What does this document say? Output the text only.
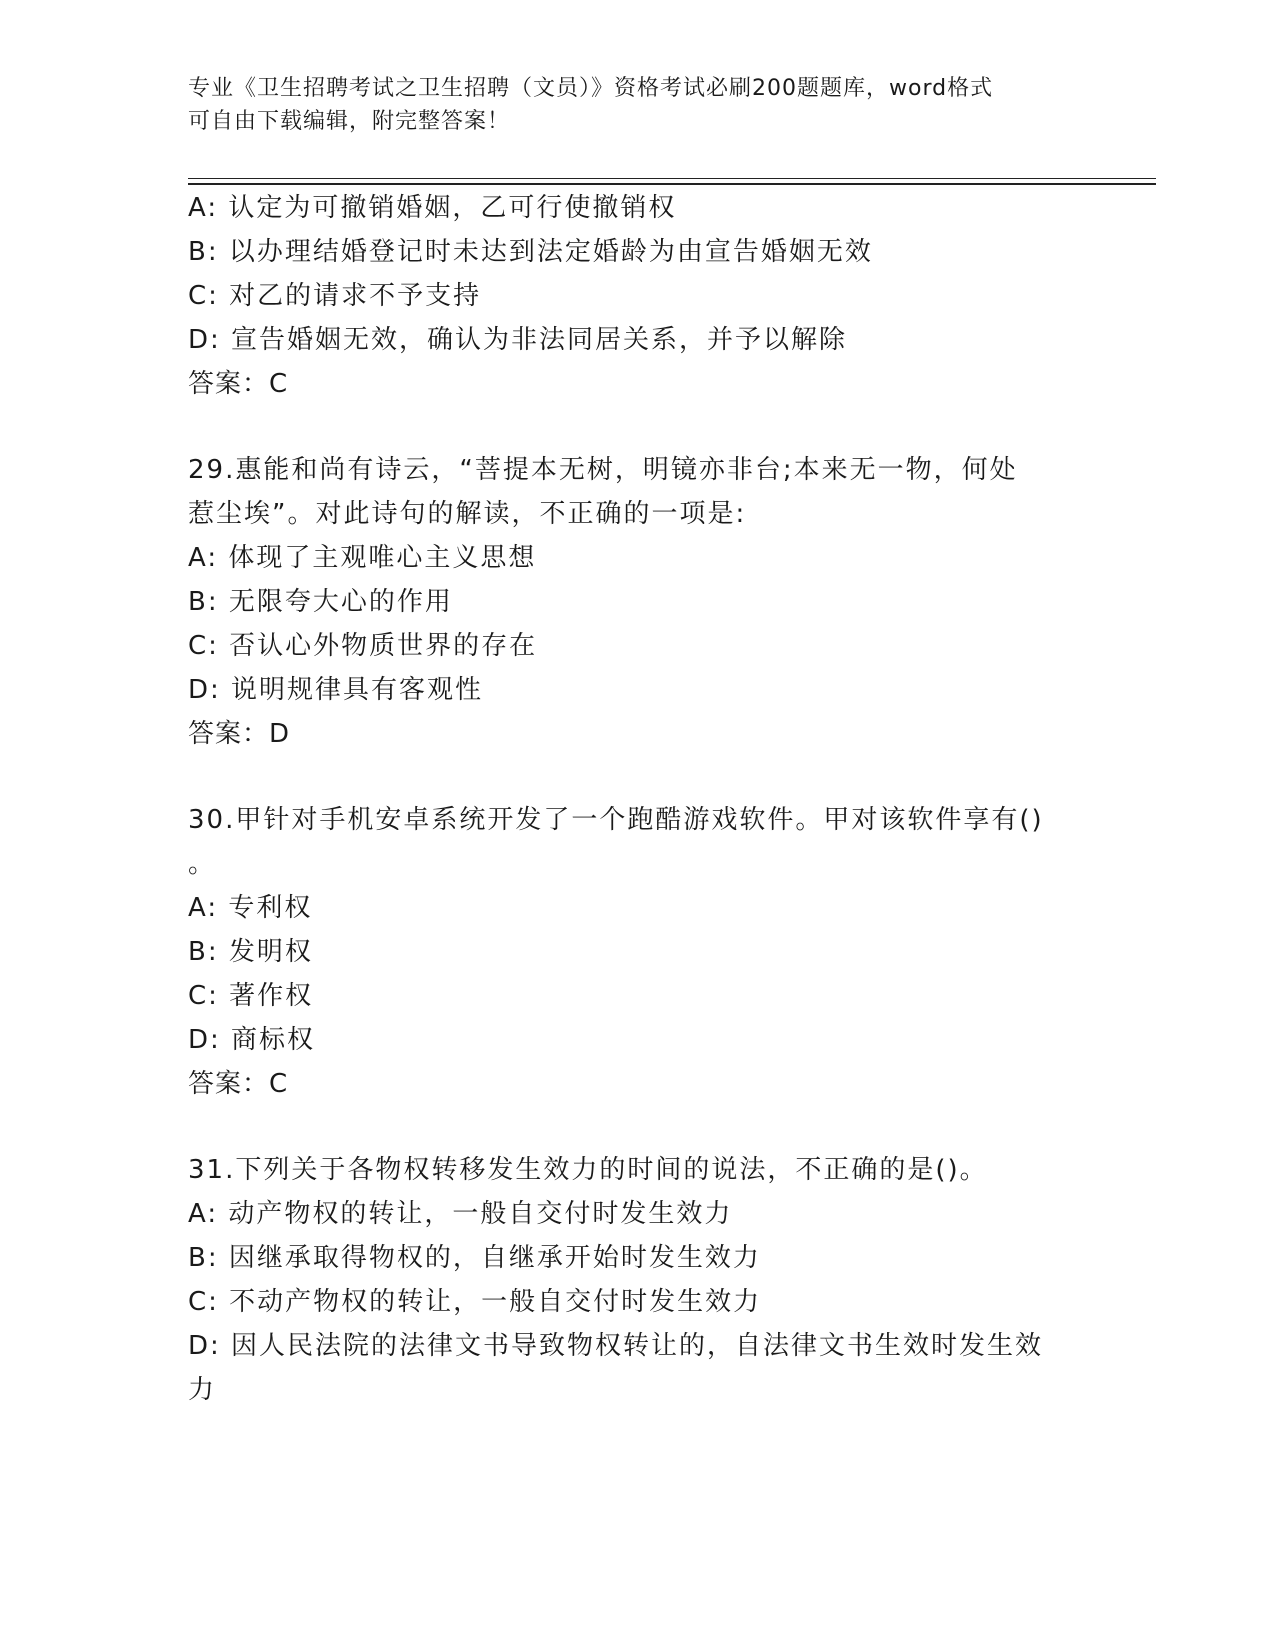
专业《卫生招聘考试之卫生招聘（文员）》资格考试必刷200题题库，word格式
可自由下载编辑，附完整答案！
A: 认定为可撤销婚姻，乙可行使撤销权
B: 以办理结婚登记时未达到法定婚龄为由宣告婚姻无效
C: 对乙的请求不予支持
D: 宣告婚姻无效，确认为非法同居关系，并予以解除
答案：C
29.惠能和尚有诗云，“菩提本无树，明镜亦非台;本来无一物，何处
惹尘埃”。对此诗句的解读，不正确的一项是:
A: 体现了主观唯心主义思想
B: 无限夸大心的作用
C: 否认心外物质世界的存在
D: 说明规律具有客观性
答案：D
30.甲针对手机安卓系统开发了一个跑酷游戏软件。甲对该软件享有()
。
A: 专利权
B: 发明权
C: 著作权
D: 商标权
答案：C
31.下列关于各物权转移发生效力的时间的说法，不正确的是()。
A: 动产物权的转让，一般自交付时发生效力
B: 因继承取得物权的，自继承开始时发生效力
C: 不动产物权的转让，一般自交付时发生效力
D: 因人民法院的法律文书导致物权转让的，自法律文书生效时发生效
力
